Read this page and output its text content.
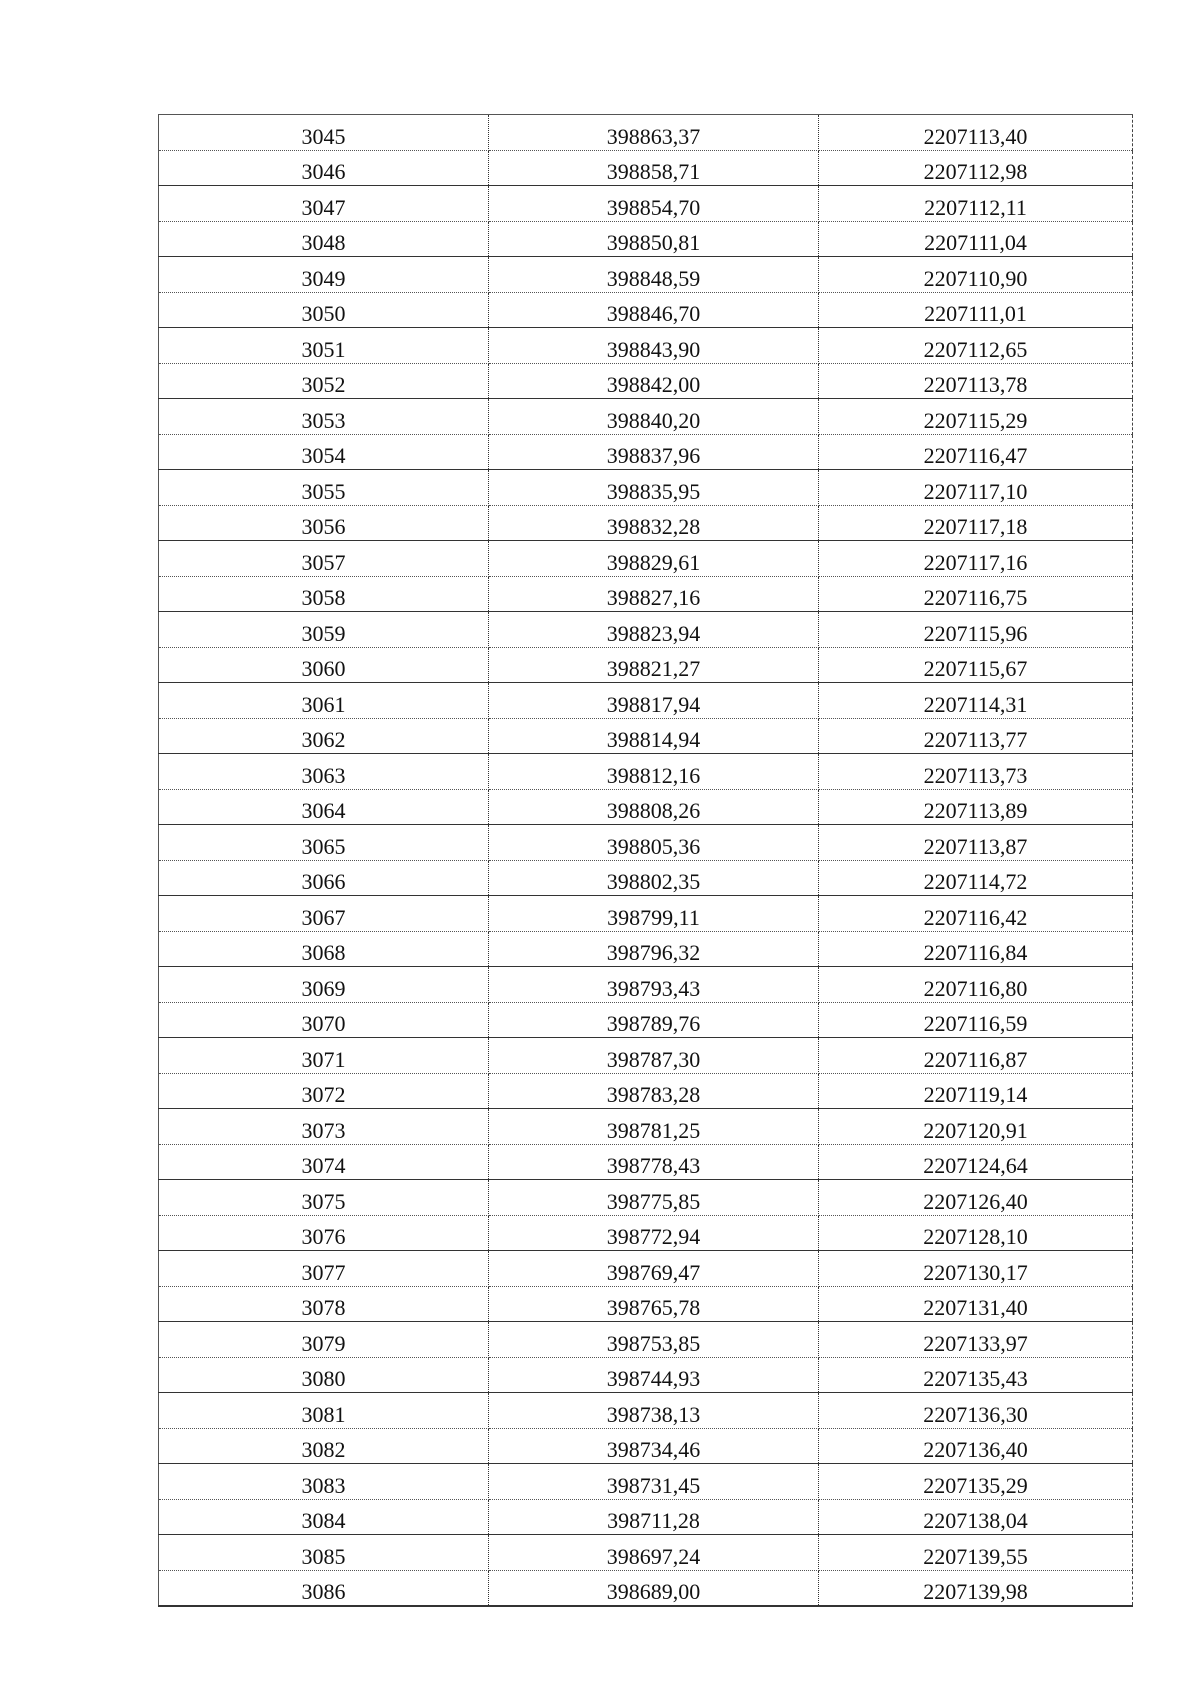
3045	398863,37	2207113,40
3046	398858,71	2207112,98
3047	398854,70	2207112,11
3048	398850,81	2207111,04
3049	398848,59	2207110,90
3050	398846,70	2207111,01
3051	398843,90	2207112,65
3052	398842,00	2207113,78
3053	398840,20	2207115,29
3054	398837,96	2207116,47
3055	398835,95	2207117,10
3056	398832,28	2207117,18
3057	398829,61	2207117,16
3058	398827,16	2207116,75
3059	398823,94	2207115,96
3060	398821,27	2207115,67
3061	398817,94	2207114,31
3062	398814,94	2207113,77
3063	398812,16	2207113,73
3064	398808,26	2207113,89
3065	398805,36	2207113,87
3066	398802,35	2207114,72
3067	398799,11	2207116,42
3068	398796,32	2207116,84
3069	398793,43	2207116,80
3070	398789,76	2207116,59
3071	398787,30	2207116,87
3072	398783,28	2207119,14
3073	398781,25	2207120,91
3074	398778,43	2207124,64
3075	398775,85	2207126,40
3076	398772,94	2207128,10
3077	398769,47	2207130,17
3078	398765,78	2207131,40
3079	398753,85	2207133,97
3080	398744,93	2207135,43
3081	398738,13	2207136,30
3082	398734,46	2207136,40
3083	398731,45	2207135,29
3084	398711,28	2207138,04
3085	398697,24	2207139,55
3086	398689,00	2207139,98
